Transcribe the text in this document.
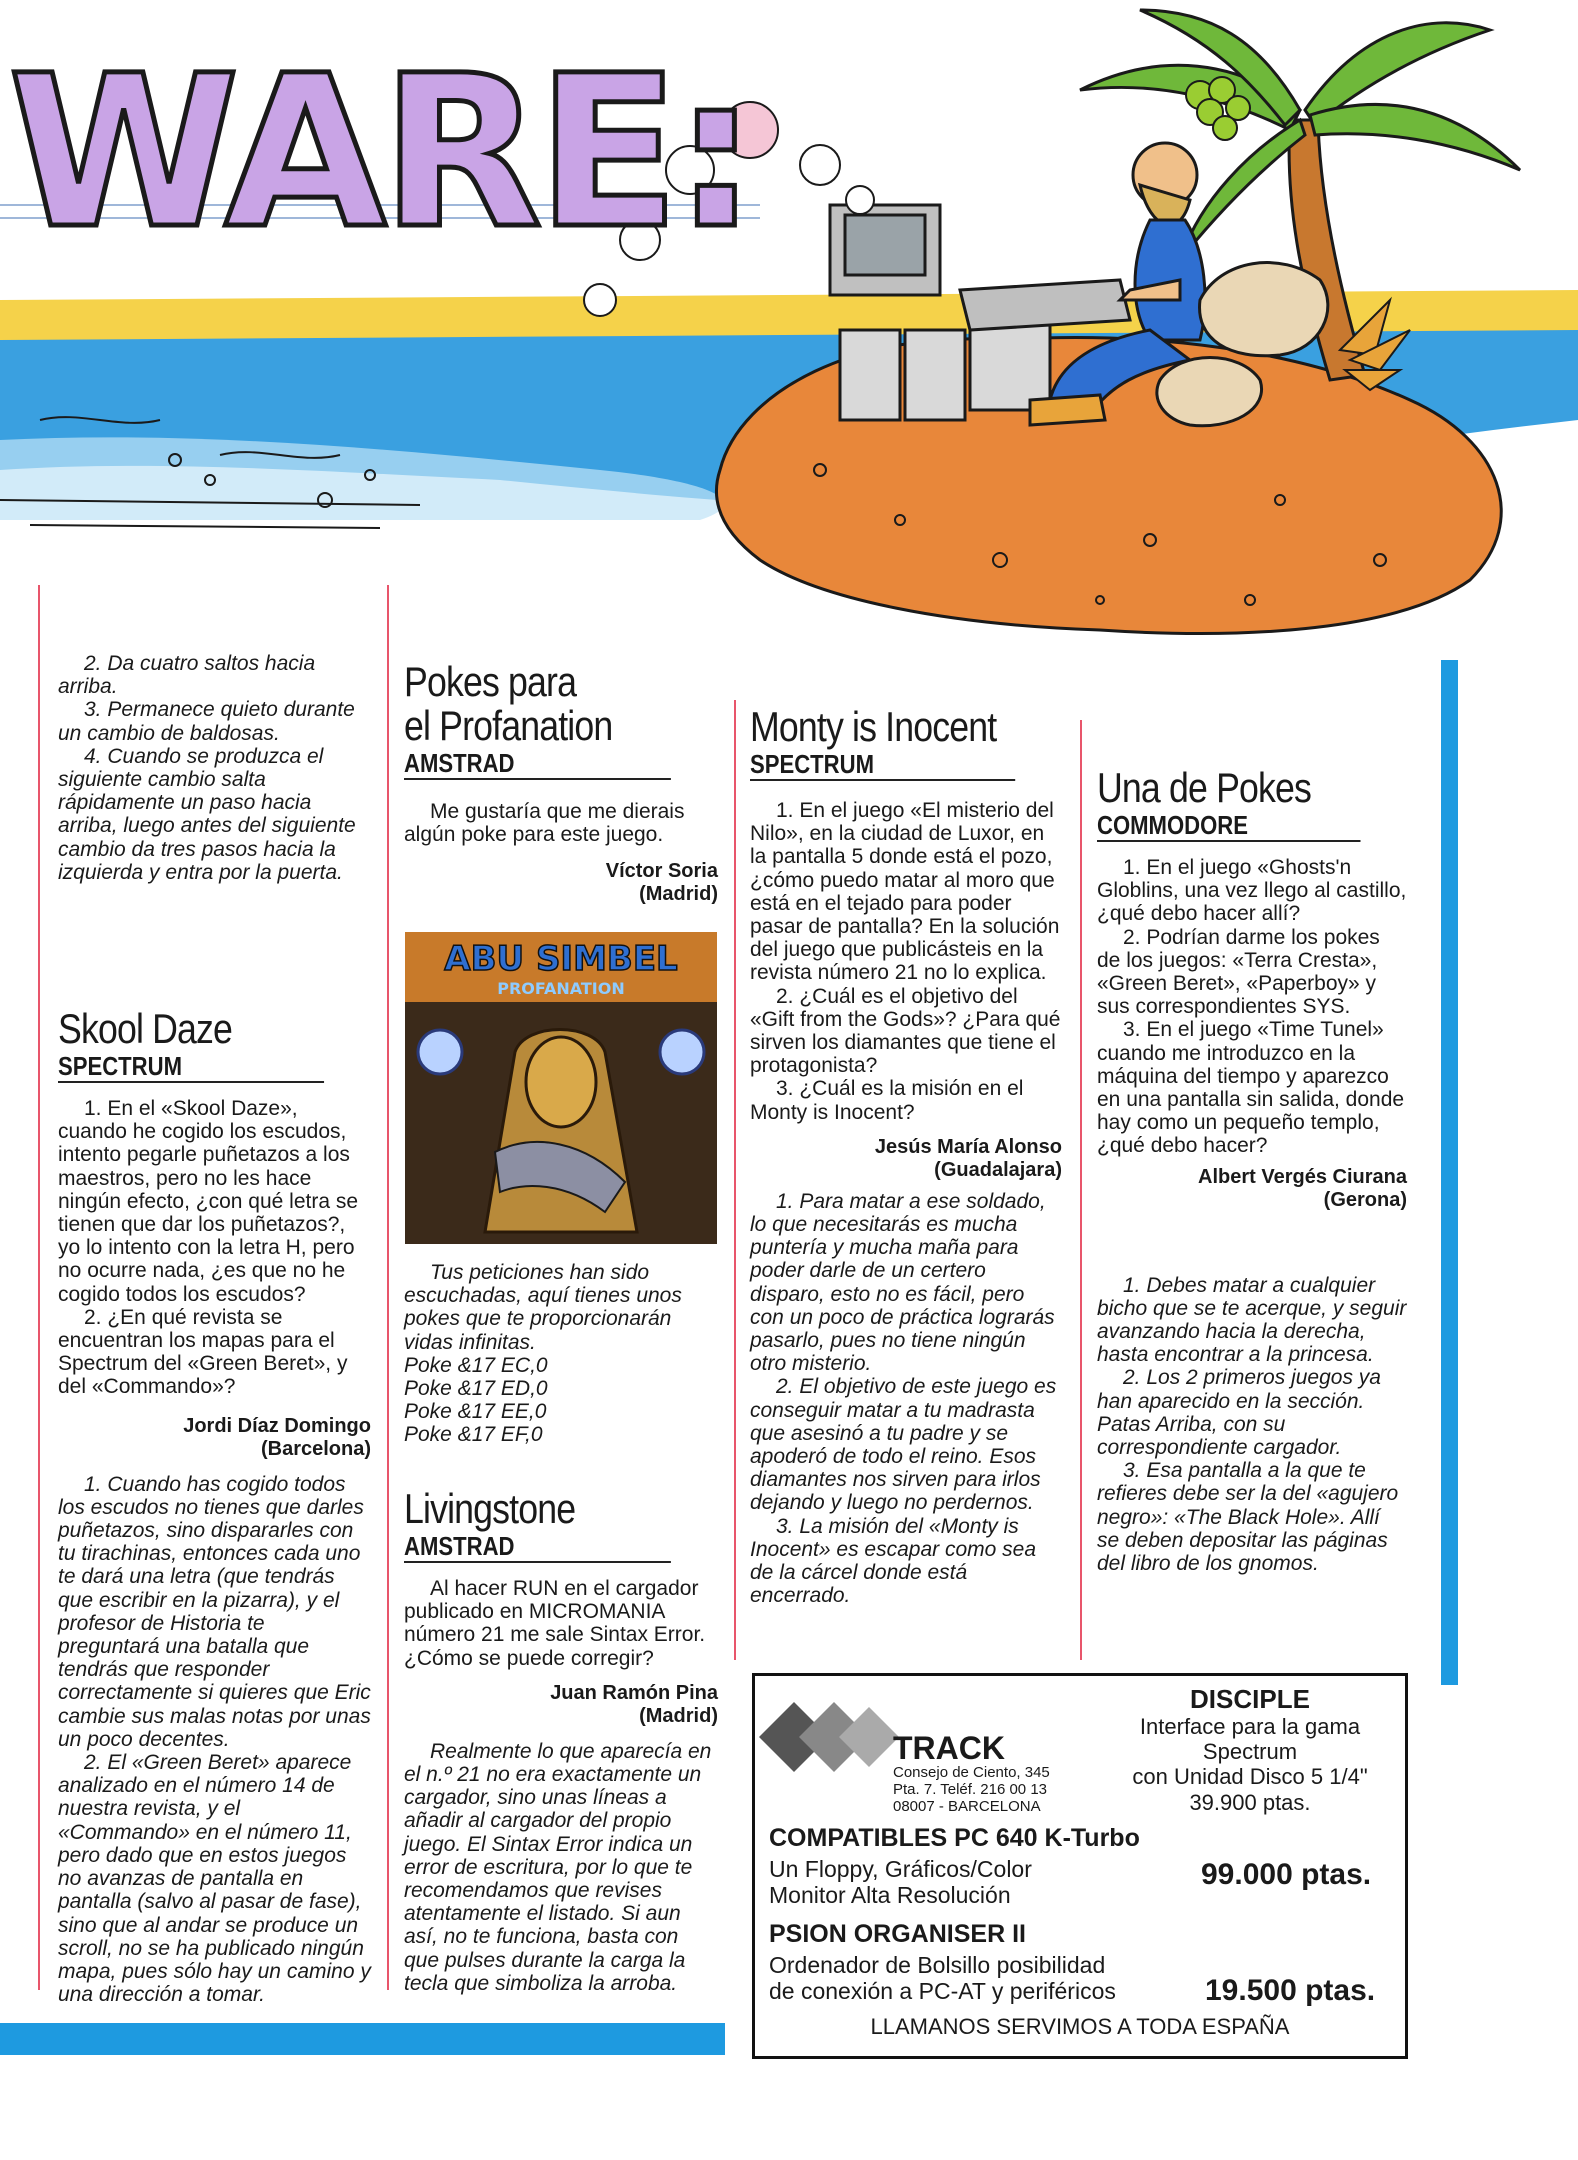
WARE:

2. Da cuatro saltos hacia arriba.

3. Permanece quieto durante un cambio de baldosas.

4. Cuando se produzca el siguiente cambio salta rápidamente un paso hacia arriba, luego antes del siguiente cambio da tres pasos hacia la izquierda y entra por la puerta.

Skool Daze
SPECTRUM

1. En el «Skool Daze», cuando he cogido los escudos, intento pegarle puñetazos a los maestros, pero no les hace ningún efecto, ¿con qué letra se tienen que dar los puñetazos?, yo lo intento con la letra H, pero no ocurre nada, ¿es que no he cogido todos los escudos?

2. ¿En qué revista se encuentran los mapas para el Spectrum del «Green Beret», y del «Commando»?

Jordi Díaz Domingo

(Barcelona)

1. Cuando has cogido todos los escudos no tienes que darles puñetazos, sino dispararles con tu tirachinas, entonces cada uno te dará una letra (que tendrás que escribir en la pizarra), y el profesor de Historia te preguntará una batalla que tendrás que responder correctamente si quieres que Eric cambie sus malas notas por unas un poco decentes.

2. El «Green Beret» aparece analizado en el número 14 de nuestra revista, y el «Commando» en el número 11, pero dado que en estos juegos no avanzas de pantalla en pantalla (salvo al pasar de fase), sino que al andar se produce un scroll, no se ha publicado ningún mapa, pues sólo hay un camino y una dirección a tomar.

Pokes para
el Profanation
AMSTRAD

Me gustaría que me dierais algún poke para este juego.

Víctor Soria

(Madrid)

ABU SIMBEL
PROFANATION

Tus peticiones han sido escuchadas, aquí tienes unos pokes que te proporcionarán vidas infinitas.

Poke &17 EC,0

Poke &17 ED,0

Poke &17 EE,0

Poke &17 EF,0

Livingstone
AMSTRAD

Al hacer RUN en el cargador publicado en MICROMANIA número 21 me sale Sintax Error. ¿Cómo se puede corregir?

Juan Ramón Pina

(Madrid)

Realmente lo que aparecía en el n.º 21 no era exactamente un cargador, sino unas líneas a añadir al cargador del propio juego. El Sintax Error indica un error de escritura, por lo que te recomendamos que revises atentamente el listado. Si aun así, no te funciona, basta con que pulses durante la carga la tecla que simboliza la arroba.

Monty is Inocent
SPECTRUM

1. En el juego «El misterio del Nilo», en la ciudad de Luxor, en la pantalla 5 donde está el pozo, ¿cómo puedo matar al moro que está en el tejado para poder pasar de pantalla? En la solución del juego que publicásteis en la revista número 21 no lo explica.

2. ¿Cuál es el objetivo del «Gift from the Gods»? ¿Para qué sirven los diamantes que tiene el protagonista?

3. ¿Cuál es la misión en el Monty is Inocent?

Jesús María Alonso

(Guadalajara)

1. Para matar a ese soldado, lo que necesitarás es mucha puntería y mucha maña para poder darle de un certero disparo, esto no es fácil, pero con un poco de práctica lograrás pasarlo, pues no tiene ningún otro misterio.

2. El objetivo de este juego es conseguir matar a tu madrasta que asesinó a tu padre y se apoderó de todo el reino. Esos diamantes nos sirven para irlos dejando y luego no perdernos.

3. La misión del «Monty is Inocent» es escapar como sea de la cárcel donde está encerrado.

Una de Pokes
COMMODORE

1. En el juego «Ghosts'n Globlins, una vez llego al castillo, ¿qué debo hacer allí?

2. Podrían darme los pokes de los juegos: «Terra Cresta», «Green Beret», «Paperboy» y sus correspondientes SYS.

3. En el juego «Time Tunel» cuando me introduzco en la máquina del tiempo y aparezco en una pantalla sin salida, donde hay como un pequeño templo, ¿qué debo hacer?

Albert Vergés Ciurana

(Gerona)

1. Debes matar a cualquier bicho que se te acerque, y seguir avanzando hacia la derecha, hasta encontrar a la princesa.

2. Los 2 primeros juegos ya han aparecido en la sección. Patas Arriba, con su correspondiente cargador.

3. Esa pantalla a la que te refieres debe ser la del «agujero negro»: «The Black Hole». Allí se deben depositar las páginas del libro de los gnomos.

TRACK
Consejo de Ciento, 345
Pta. 7. Teléf. 216 00 13
08007 - BARCELONA
DISCIPLE
Interface para la gama
Spectrum
con Unidad Disco 5 1/4"
39.900 ptas.
COMPATIBLES PC 640 K-Turbo
Un Floppy, Gráficos/Color
Monitor Alta Resolución
99.000 ptas.
PSION ORGANISER II
Ordenador de Bolsillo posibilidad
de conexión a PC-AT y periféricos	19.500 ptas.
LLAMANOS SERVIMOS A TODA ESPAÑA
